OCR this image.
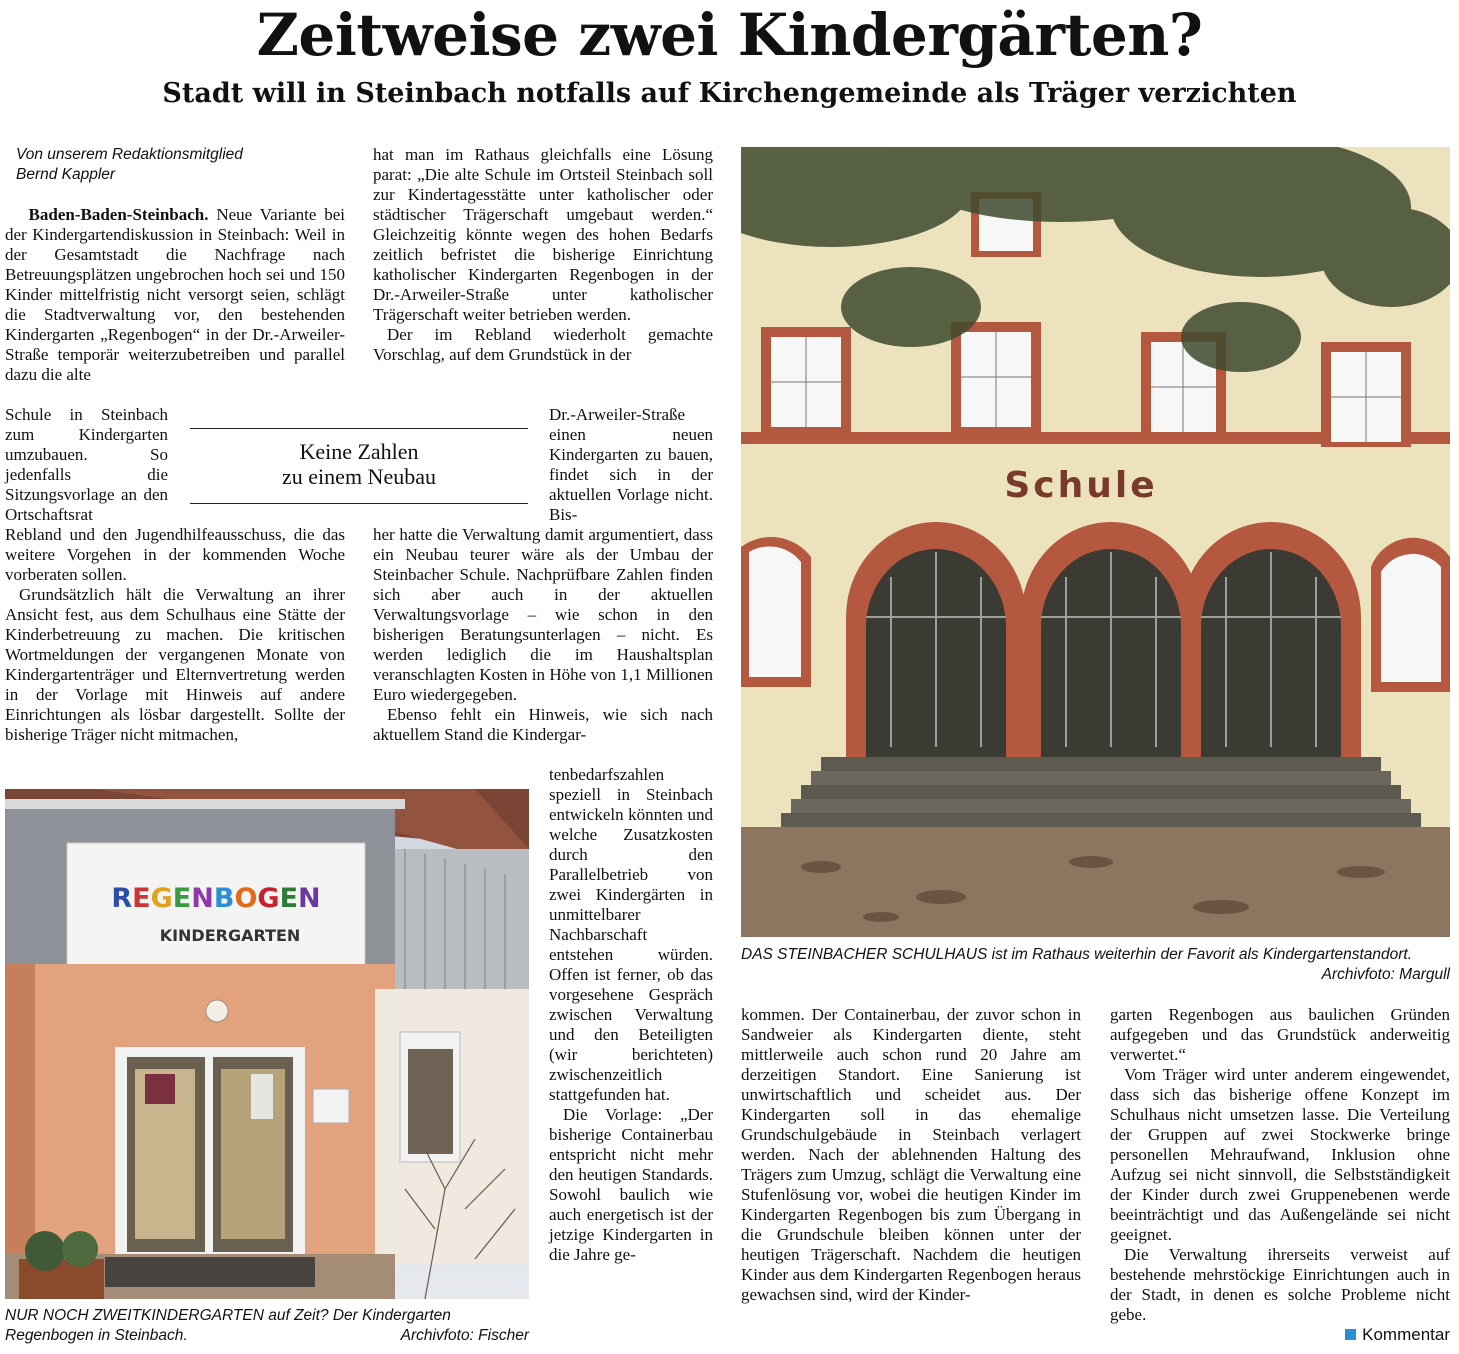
Zeitweise zwei Kindergärten?
Stadt will in Steinbach notfalls auf Kirchengemeinde als Träger verzichten
Von unserem Redaktionsmitglied
Bernd Kappler

Baden-Baden-Steinbach. Neue Variante bei der Kindergartendiskussion in Steinbach: Weil in der Gesamtstadt die Nachfrage nach Betreuungsplätzen ungebrochen hoch sei und 150 Kinder mittelfristig nicht versorgt seien, schlägt die Stadtverwaltung vor, den bestehenden Kindergarten „Regenbogen“ in der Dr.-Arweiler-Straße temporär weiterzubetreiben und parallel dazu die alte

Schule in Steinbach zum Kindergarten umzubauen. So jedenfalls die Sitzungsvorlage an den Ortschaftsrat

Rebland und den Jugendhilfeausschuss, die das weitere Vorgehen in der kommenden Woche vorberaten sollen.

Grundsätzlich hält die Verwaltung an ihrer Ansicht fest, aus dem Schulhaus eine Stätte der Kinderbetreuung zu machen. Die kritischen Wortmeldungen der vergangenen Monate von Kindergartenträger und Elternvertretung werden in der Vorlage mit Hinweis auf andere Einrichtungen als lösbar dargestellt. Sollte der bisherige Träger nicht mitmachen,

Keine Zahlen
zu einem Neubau

hat man im Rathaus gleichfalls eine Lösung parat: „Die alte Schule im Ortsteil Steinbach soll zur Kindertagesstätte unter katholischer oder städtischer Trägerschaft umgebaut werden.“ Gleichzeitig könnte wegen des hohen Bedarfs zeitlich befristet die bisherige Einrichtung katholischer Kindergarten Regenbogen in der Dr.-Arweiler-Straße unter katholischer Trägerschaft weiter betrieben werden.

Der im Rebland wiederholt gemachte Vorschlag, auf dem Grundstück in der

Dr.-Arweiler-Straße einen neuen Kindergarten zu bauen, findet sich in der aktuellen Vorlage nicht. Bis-

her hatte die Verwaltung damit argumentiert, dass ein Neubau teurer wäre als der Umbau der Steinbacher Schule. Nachprüfbare Zahlen finden sich aber auch in der aktuellen Verwaltungsvorlage – wie schon in den bisherigen Beratungsunterlagen – nicht. Es werden lediglich die im Haushaltsplan veranschlagten Kosten in Höhe von 1,1 Millionen Euro wiedergegeben.

Ebenso fehlt ein Hinweis, wie sich nach aktuellem Stand die Kindergar-

tenbedarfszahlen speziell in Steinbach entwickeln könnten und welche Zusatzkosten durch den Parallelbetrieb von zwei Kindergärten in unmittelbarer Nachbarschaft entstehen würden. Offen ist ferner, ob das vorgesehene Gespräch zwischen Verwaltung und den Beteiligten (wir berichteten) zwischenzeitlich stattgefunden hat.

Die Vorlage: „Der bisherige Containerbau entspricht nicht mehr den heutigen Standards. Sowohl baulich wie auch energetisch ist der jetzige Kindergarten in die Jahre ge-

REGENBOGEN
KINDERGARTEN
NUR NOCH ZWEITKINDERGARTEN auf Zeit? Der Kindergarten Regenbogen in Steinbach.	Archivfoto: Fischer
Schule
DAS STEINBACHER SCHULHAUS ist im Rathaus weiterhin der Favorit als Kindergartenstandort.
Archivfoto: Margull

kommen. Der Containerbau, der zuvor schon in Sandweier als Kindergarten diente, steht mittlerweile auch schon rund 20 Jahre am derzeitigen Standort. Eine Sanierung ist unwirtschaftlich und scheidet aus. Der Kindergarten soll in das ehemalige Grundschulgebäude in Steinbach verlagert werden. Nach der ablehnenden Haltung des Trägers zum Umzug, schlägt die Verwaltung eine Stufenlösung vor, wobei die heutigen Kinder im Kindergarten Regenbogen bis zum Übergang in die Grundschule bleiben können unter der heutigen Trägerschaft. Nachdem die heutigen Kinder aus dem Kindergarten Regenbogen heraus gewachsen sind, wird der Kinder-

garten Regenbogen aus baulichen Gründen aufgegeben und das Grundstück anderweitig verwertet.“

Vom Träger wird unter anderem eingewendet, dass sich das bisherige offene Konzept im Schulhaus nicht umsetzen lasse. Die Verteilung der Gruppen auf zwei Stockwerke bringe personellen Mehraufwand, Inklusion ohne Aufzug sei nicht sinnvoll, die Selbstständigkeit der Kinder durch zwei Gruppenebenen werde beeinträchtigt und das Außengelände sei nicht geeignet.

Die Verwaltung ihrerseits verweist auf bestehende mehrstöckige Einrichtungen auch in der Stadt, in denen es solche Probleme nicht gebe.

Kommentar
